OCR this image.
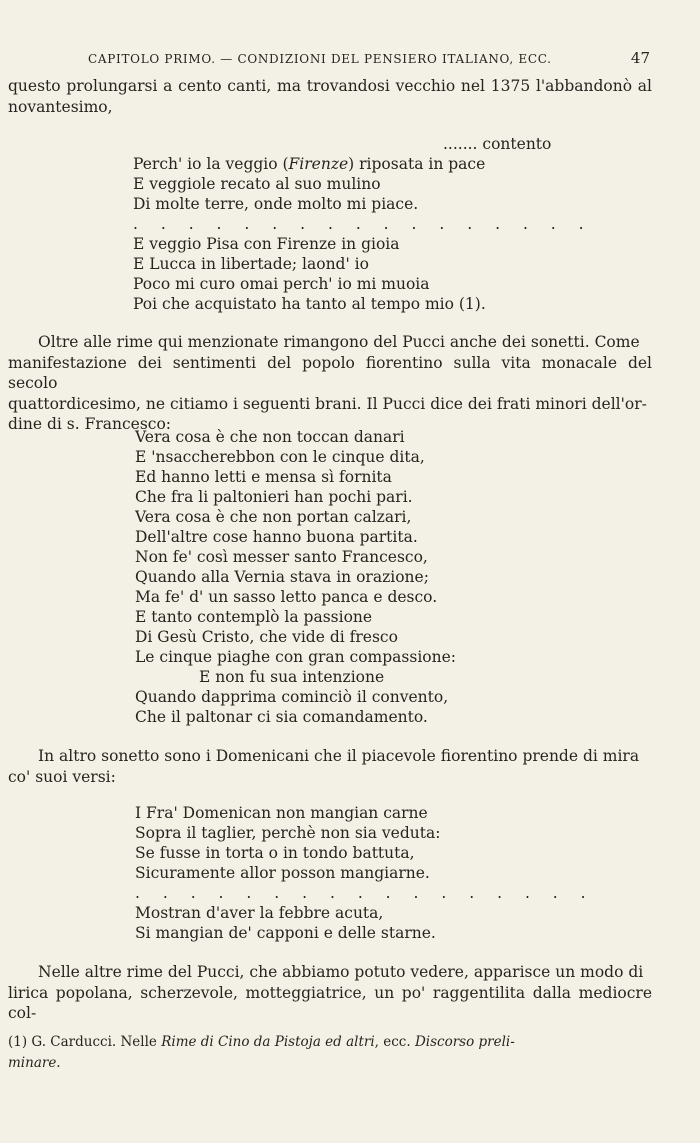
CAPITOLO PRIMO. — CONDIZIONI DEL PENSIERO ITALIANO, ECC.	47

questo prolungarsi a cento canti, ma trovandosi vecchio nel 1375 l'abbandonò al novantesimo,

....... contento
Perch' io la veggio (Firenze) riposata in pace
E veggiole recato al suo mulino
Di molte terre, onde molto mi piace.
. . . . . . . . . . . . . . . . .
E veggio Pisa con Firenze in gioia
E Lucca in libertade; laond' io
Poco mi curo omai perch' io mi muoia
Poi che acquistato ha tanto al tempo mio (1).
Oltre alle rime qui menzionate rimangono del Pucci anche dei sonetti. Come
manifestazione dei sentimenti del popolo fiorentino sulla vita monacale del secolo
quattordicesimo, ne citiamo i seguenti brani. Il Pucci dice dei frati minori dell'or-
dine di s. Francesco:
Vera cosa è che non toccan danari
E 'nsaccherebbon con le cinque dita,
Ed hanno letti e mensa sì fornita
Che fra li paltonieri han pochi pari.
Vera cosa è che non portan calzari,
Dell'altre cose hanno buona partita.
Non fe' così messer santo Francesco,
Quando alla Vernia stava in orazione;
Ma fe' d' un sasso letto panca e desco.
E tanto contemplò la passione
Di Gesù Cristo, che vide di fresco
Le cinque piaghe con gran compassione:
E non fu sua intenzione
Quando dapprima cominciò il convento,
Che il paltonar ci sia comandamento.
In altro sonetto sono i Domenicani che il piacevole fiorentino prende di mira
co' suoi versi:
I Fra' Domenican non mangian carne
Sopra il taglier, perchè non sia veduta:
Se fusse in torta o in tondo battuta,
Sicuramente allor posson mangiarne.
. . . . . . . . . . . . . . . . .
Mostran d'aver la febbre acuta,
Si mangian de' capponi e delle starne.
Nelle altre rime del Pucci, che abbiamo potuto vedere, apparisce un modo di
lirica popolana, scherzevole, motteggiatrice, un po' raggentilita dalla mediocre col-

(1) G. Carducci. Nelle Rime di Cino da Pistoja ed altri, ecc. Discorso preli-
minare.
